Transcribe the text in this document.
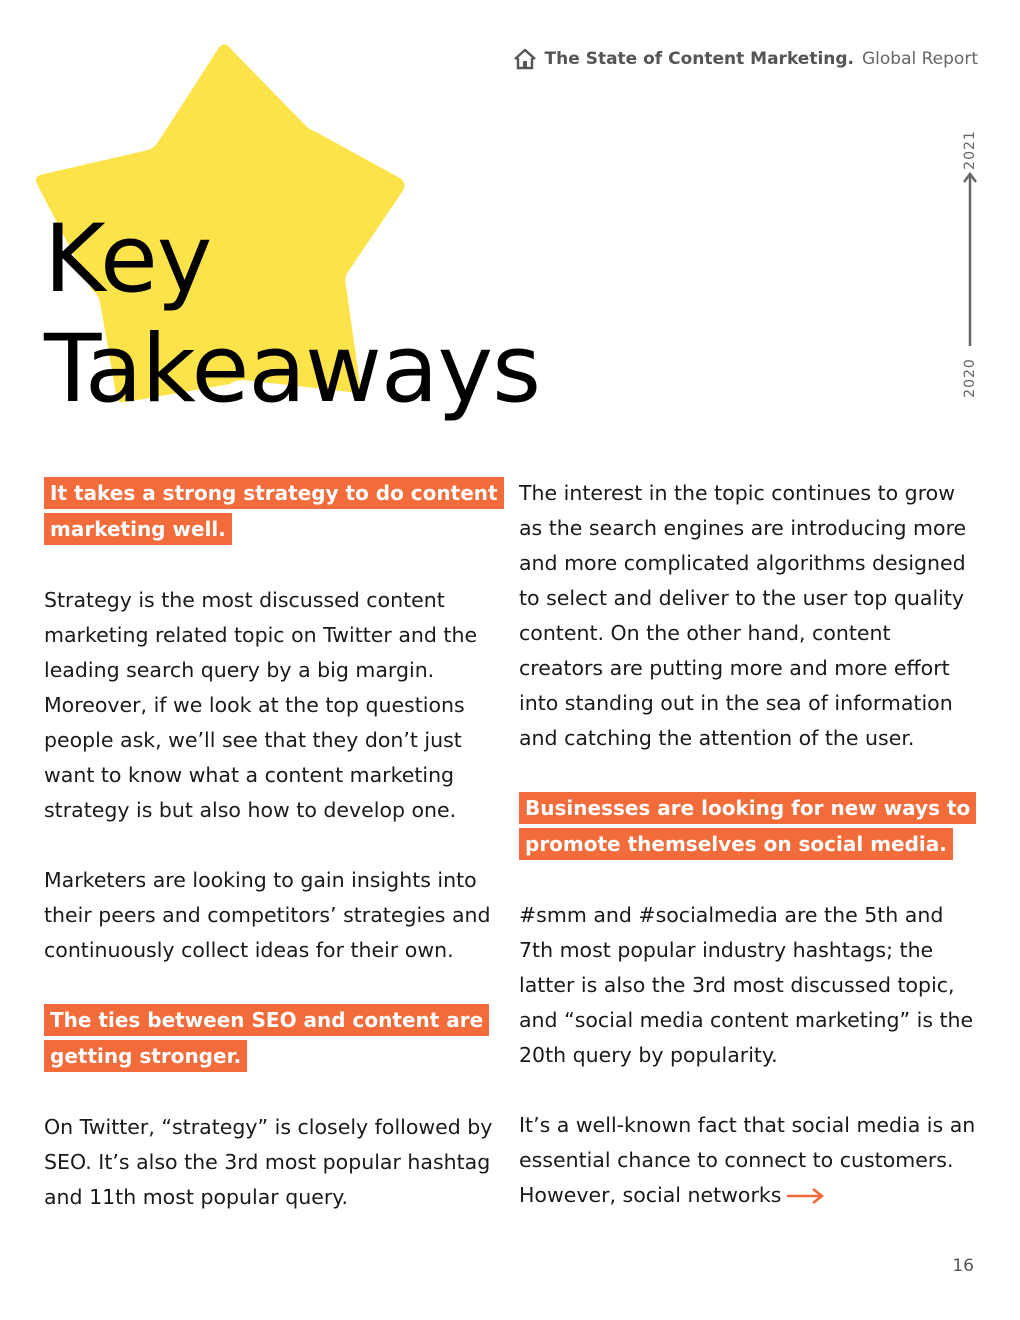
The State of Content Marketing. Global Report
Key
Takeaways
2021
2020
It takes a strong strategy to do content marketing well.

Strategy is the most discussed content marketing related topic on Twitter and the leading search query by a big margin. Moreover, if we look at the top questions people ask, we’ll see that they don’t just want to know what a content marketing strategy is but also how to develop one.

Marketers are looking to gain insights into their peers and competitors’ strategies and continuously collect ideas for their own.

The ties between SEO and content are getting stronger.

On Twitter, “strategy” is closely followed by SEO. It’s also the 3rd most popular hashtag and 11th most popular query.

The interest in the topic continues to grow as the search engines are introducing more and more complicated algorithms designed to select and deliver to the user top quality content. On the other hand, content creators are putting more and more effort into standing out in the sea of information and catching the attention of the user.

Businesses are looking for new ways to promote themselves on social media.

#smm and #socialmedia are the 5th and 7th most popular industry hashtags; the latter is also the 3rd most discussed topic, and “social media content marketing” is the 20th query by popularity.

It’s a well-known fact that social media is an essential chance to connect to customers. However, social networks

16
